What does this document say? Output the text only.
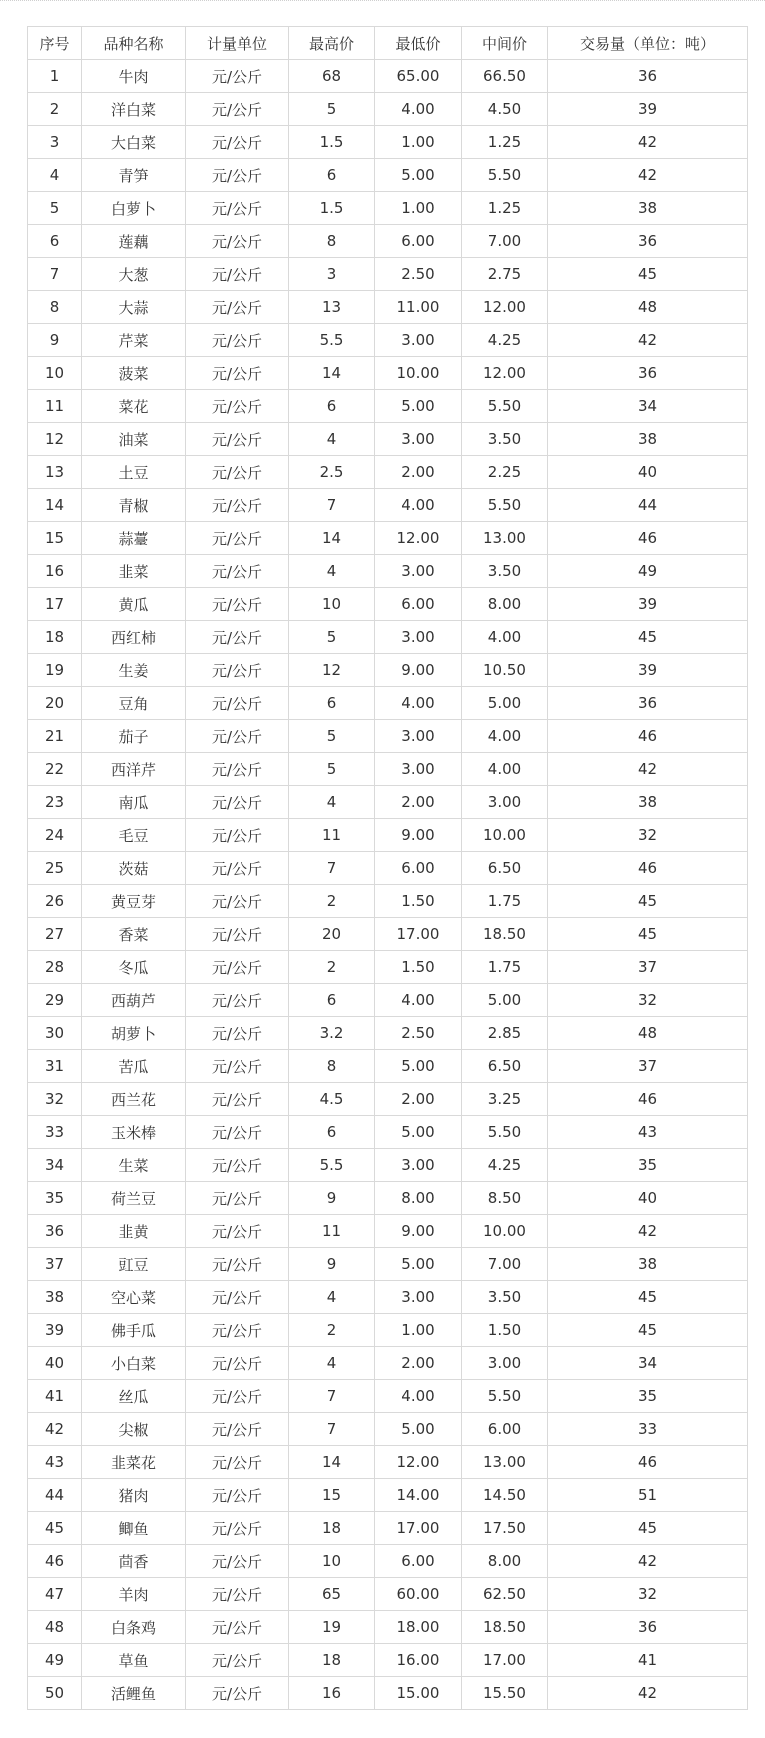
序号	品种名称	计量单位	最高价	最低价	中间价	交易量（单位：吨）
1	牛肉	元/公斤	68	65.00	66.50	36
2	洋白菜	元/公斤	5	4.00	4.50	39
3	大白菜	元/公斤	1.5	1.00	1.25	42
4	青笋	元/公斤	6	5.00	5.50	42
5	白萝卜	元/公斤	1.5	1.00	1.25	38
6	莲藕	元/公斤	8	6.00	7.00	36
7	大葱	元/公斤	3	2.50	2.75	45
8	大蒜	元/公斤	13	11.00	12.00	48
9	芹菜	元/公斤	5.5	3.00	4.25	42
10	菠菜	元/公斤	14	10.00	12.00	36
11	菜花	元/公斤	6	5.00	5.50	34
12	油菜	元/公斤	4	3.00	3.50	38
13	土豆	元/公斤	2.5	2.00	2.25	40
14	青椒	元/公斤	7	4.00	5.50	44
15	蒜薹	元/公斤	14	12.00	13.00	46
16	韭菜	元/公斤	4	3.00	3.50	49
17	黄瓜	元/公斤	10	6.00	8.00	39
18	西红柿	元/公斤	5	3.00	4.00	45
19	生姜	元/公斤	12	9.00	10.50	39
20	豆角	元/公斤	6	4.00	5.00	36
21	茄子	元/公斤	5	3.00	4.00	46
22	西洋芹	元/公斤	5	3.00	4.00	42
23	南瓜	元/公斤	4	2.00	3.00	38
24	毛豆	元/公斤	11	9.00	10.00	32
25	茨菇	元/公斤	7	6.00	6.50	46
26	黄豆芽	元/公斤	2	1.50	1.75	45
27	香菜	元/公斤	20	17.00	18.50	45
28	冬瓜	元/公斤	2	1.50	1.75	37
29	西葫芦	元/公斤	6	4.00	5.00	32
30	胡萝卜	元/公斤	3.2	2.50	2.85	48
31	苦瓜	元/公斤	8	5.00	6.50	37
32	西兰花	元/公斤	4.5	2.00	3.25	46
33	玉米棒	元/公斤	6	5.00	5.50	43
34	生菜	元/公斤	5.5	3.00	4.25	35
35	荷兰豆	元/公斤	9	8.00	8.50	40
36	韭黄	元/公斤	11	9.00	10.00	42
37	豇豆	元/公斤	9	5.00	7.00	38
38	空心菜	元/公斤	4	3.00	3.50	45
39	佛手瓜	元/公斤	2	1.00	1.50	45
40	小白菜	元/公斤	4	2.00	3.00	34
41	丝瓜	元/公斤	7	4.00	5.50	35
42	尖椒	元/公斤	7	5.00	6.00	33
43	韭菜花	元/公斤	14	12.00	13.00	46
44	猪肉	元/公斤	15	14.00	14.50	51
45	鲫鱼	元/公斤	18	17.00	17.50	45
46	茴香	元/公斤	10	6.00	8.00	42
47	羊肉	元/公斤	65	60.00	62.50	32
48	白条鸡	元/公斤	19	18.00	18.50	36
49	草鱼	元/公斤	18	16.00	17.00	41
50	活鲤鱼	元/公斤	16	15.00	15.50	42
